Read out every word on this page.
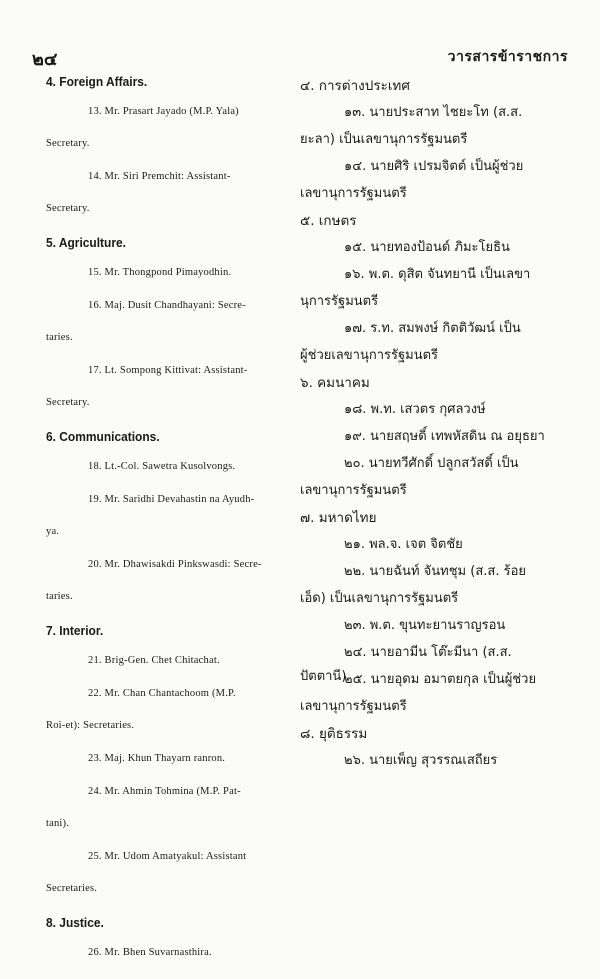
๒๔	วารสารข้าราชการ
4. Foreign Affairs.
13. Mr. Prasart Jayado (M.P. Yala)
Secretary.
14. Mr. Siri Premchit: Assistant-
Secretary.
5. Agriculture.
15. Mr. Thongpond Pimayodhin.
16. Maj. Dusit Chandhayani: Secre-
taries.
17. Lt. Sompong Kittivat: Assistant-
Secretary.
6. Communications.
18. Lt.-Col. Sawetra Kusolvongs.
19. Mr. Saridhi Devahastin na Ayudh-
ya.
20. Mr. Dhawisakdi Pinkswasdi: Secre-
taries.
7. Interior.
21. Brig-Gen. Chet Chitachat.
22. Mr. Chan Chantachoom (M.P.
Roi-et): Secretaries.
23. Maj. Khun Thayarn ranron.
24. Mr. Ahmin Tohmina (M.P. Pat-
tani).
25. Mr. Udom Amatyakul: Assistant
Secretaries.
8. Justice.
26. Mr. Bhen Suvarnasthira.
๔. การต่างประเทศ
๑๓. นายประสาท ไชยะโท (ส.ส.
ยะลา) เป็นเลขานุการรัฐมนตรี
๑๔. นายศิริ เปรมจิตต์ เป็นผู้ช่วย
เลขานุการรัฐมนตรี
๕. เกษตร
๑๕. นายทองป้อนด์ ภิมะโยธิน
๑๖. พ.ต. ดุสิต จันทยานี เป็นเลขา
นุการรัฐมนตรี
๑๗. ร.ท. สมพงษ์ กิตติวัฒน์ เป็น
ผู้ช่วยเลขานุการรัฐมนตรี
๖. คมนาคม
๑๘. พ.ท. เสวตร กุศลวงษ์
๑๙. นายสฤษดิ์ เทพหัสดิน ณ อยุธยา
๒๐. นายทวีศักดิ์ ปลูกสวัสดิ์ เป็น
เลขานุการรัฐมนตรี
๗. มหาดไทย
๒๑. พล.จ. เจต จิตชัย
๒๒. นายฉันท์ จันทชุม (ส.ส. ร้อย
เอ็ด) เป็นเลขานุการรัฐมนตรี
๒๓. พ.ต. ขุนทะยานราญรอน
๒๔. นายอามีน โต๊ะมีนา (ส.ส. ปัตตานี)
๒๕. นายอุดม อมาตยกุล เป็นผู้ช่วย
เลขานุการรัฐมนตรี
๘. ยุติธรรม
๒๖. นายเพ็ญ สุวรรณเสถียร
